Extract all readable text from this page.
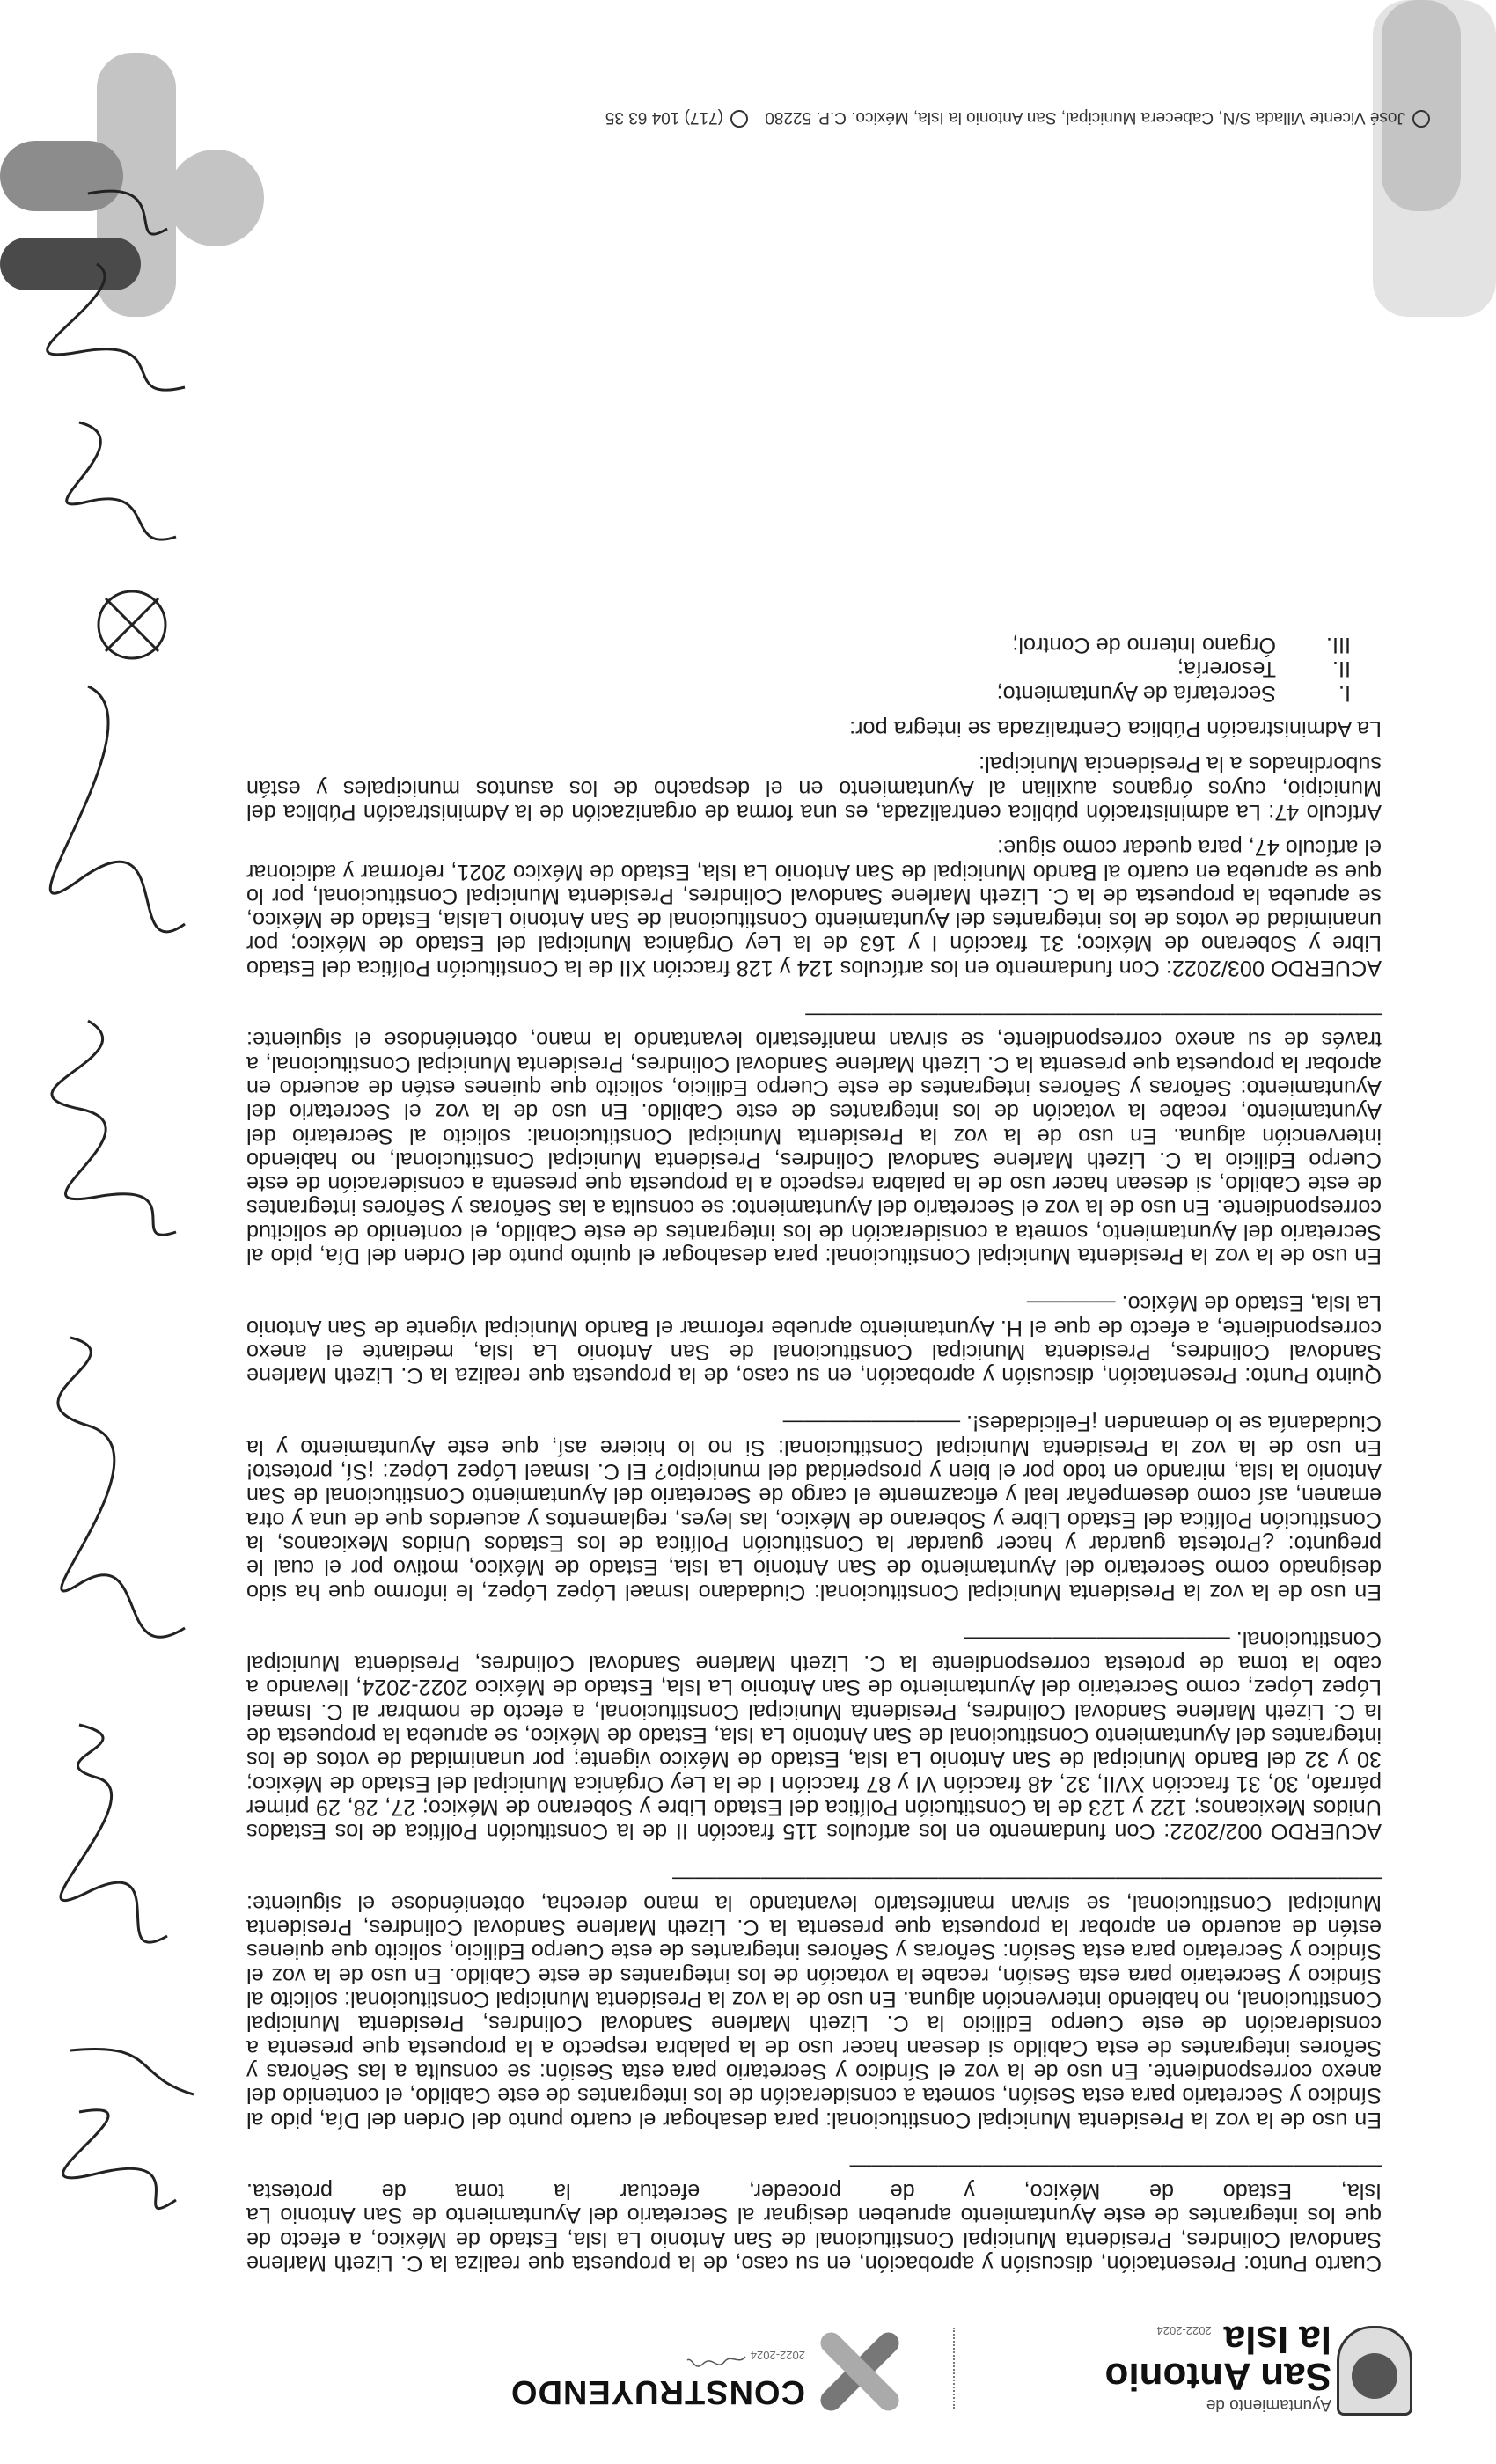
Ayuntamiento de
San Antonio
la Isla2022-2024
CONSTRUYENDO
2022-2024

Cuarto Punto: Presentación, discusión y aprobación, en su caso, de la propuesta que realiza la C. Lizeth Marlene Sandoval Colindres, Presidenta Municipal Constitucional de San Antonio La Isla, Estado de México, a efecto de que los integrantes de este Ayuntamiento aprueben designar al Secretario del Ayuntamiento de San Antonio La Isla, Estado de México, y de proceder, efectuar la toma de protesta. ————————————————————————

En uso de la voz la Presidenta Municipal Constitucional: para desahogar el cuarto punto del Orden del Día, pido al Síndico y Secretario para esta Sesión, someta a consideración de los integrantes de este Cabildo, el contenido del anexo correspondiente. En uso de la voz el Síndico y Secretario para esta Sesión: se consulta a las Señoras y Señores integrantes de esta Cabildo si desean hacer uso de la palabra respecto a la propuesta que presenta a consideración de este Cuerpo Edilicio la C. Lizeth Marlene Sandoval Colindres, Presidenta Municipal Constitucional, no habiendo intervención alguna. En uso de la voz la Presidenta Municipal Constitucional: solicito al Síndico y Secretario para esta Sesión, recabe la votación de los integrantes de este Cabildo. En uso de la voz el Síndico y Secretario para esta Sesión: Señoras y Señores integrantes de este Cuerpo Edilicio, solicito que quienes estén de acuerdo en aprobar la propuesta que presenta la C. Lizeth Marlene Sandoval Colindres, Presidenta Municipal Constitucional, se sirvan manifestarlo levantando la mano derecha, obteniéndose el siguiente: ————————————————————————————————

ACUERDO 002/2022: Con fundamento en los artículos 115 fracción II de la Constitución Política de los Estados Unidos Mexicanos; 122 y 123 de la Constitución Política del Estado Libre y Soberano de México; 27, 28, 29 primer párrafo, 30, 31 fracción XVII, 32, 48 fracción VI y 87 fracción I de la Ley Orgánica Municipal del Estado de México; 30 y 32 del Bando Municipal de San Antonio La Isla, Estado de México vigente; por unanimidad de votos de los integrantes del Ayuntamiento Constitucional de San Antonio La Isla, Estado de México, se aprueba la propuesta de la C. Lizeth Marlene Sandoval Colindres, Presidenta Municipal Constitucional, a efecto de nombrar al C. Ismael López López, como Secretario del Ayuntamiento de San Antonio La Isla, Estado de México 2022-2024, llevando a cabo la toma de protesta correspondiente la C. Lizeth Marlene Sandoval Colindres, Presidenta Municipal Constitucional. ————————————

En uso de la voz la Presidenta Municipal Constitucional: Ciudadano Ismael López López, le informo que ha sido designado como Secretario del Ayuntamiento de San Antonio La Isla, Estado de México, motivo por el cual le pregunto: ¿Protesta guardar y hacer guardar la Constitución Política de los Estados Unidos Mexicanos, la Constitución Política del Estado Libre y Soberano de México, las leyes, reglamentos y acuerdos que de una y otra emanen, así como desempeñar leal y eficazmente el cargo de Secretario del Ayuntamiento Constitucional de San Antonio la Isla, mirando en todo por el bien y prosperidad del municipio? El C. Ismael López López: ¡Sí, protesto! En uso de la voz la Presidenta Municipal Constitucional: Si no lo hiciere así, que este Ayuntamiento y la Ciudadanía se lo demanden ¡Felicidades!. ————————

Quinto Punto: Presentación, discusión y aprobación, en su caso, de la propuesta que realiza la C. Lizeth Marlene Sandoval Colindres, Presidenta Municipal Constitucional de San Antonio La Isla, mediante el anexo correspondiente, a efecto de que el H. Ayuntamiento apruebe reformar el Bando Municipal vigente de San Antonio La Isla, Estado de México. ————

En uso de la voz la Presidenta Municipal Constitucional: para desahogar el quinto punto del Orden del Día, pido al Secretario del Ayuntamiento, someta a consideración de los integrantes de este Cabildo, el contenido de solicitud correspondiente. En uso de la voz el Secretario del Ayuntamiento: se consulta a las Señoras y Señores integrantes de este Cabildo, si desean hacer uso de la palabra respecto a la propuesta que presenta a consideración de este Cuerpo Edilicio la C. Lizeth Marlene Sandoval Colindres, Presidenta Municipal Constitucional, no habiendo intervención alguna. En uso de la voz la Presidenta Municipal Constitucional: solicito al Secretario del Ayuntamiento, recabe la votación de los integrantes de este Cabildo. En uso de la voz el Secretario del Ayuntamiento: Señoras y Señores integrantes de este Cuerpo Edilicio, solicito que quienes estén de acuerdo en aprobar la propuesta que presenta la C. Lizeth Marlene Sandoval Colindres, Presidenta Municipal Constitucional, a través de su anexo correspondiente, se sirvan manifestarlo levantando la mano, obteniéndose el siguiente: ——————————————————————————

ACUERDO 003/2022: Con fundamento en los artículos 124 y 128 fracción XII de la Constitución Política del Estado Libre y Soberano de México; 31 fracción I y 163 de la Ley Orgánica Municipal del Estado de México; por unanimidad de votos de los integrantes del Ayuntamiento Constitucional de San Antonio LaIsla, Estado de México, se aprueba la propuesta de la C. Lizeth Marlene Sandoval Colindres, Presidenta Municipal Constitucional, por lo que se aprueba en cuarto al Bando Municipal de San Antonio La Isla, Estado de México 2021, reformar y adicionar el artículo 47, para quedar como sigue:

Artículo 47: La administración pública centralizada, es una forma de organización de la Administración Pública del Municipio, cuyos órganos auxilian al Ayuntamiento en el despacho de los asuntos municipales y están subordinados a la Presidencia Municipal:

La Administración Pública Centralizada se integra por:

I.Secretaría de Ayuntamiento;
II.Tesorería;
III.Órgano Interno de Control;
José Vicente Villada S/N, Cabecera Municipal, San Antonio la Isla, México. C.P. 52280 (717) 104 63 35
